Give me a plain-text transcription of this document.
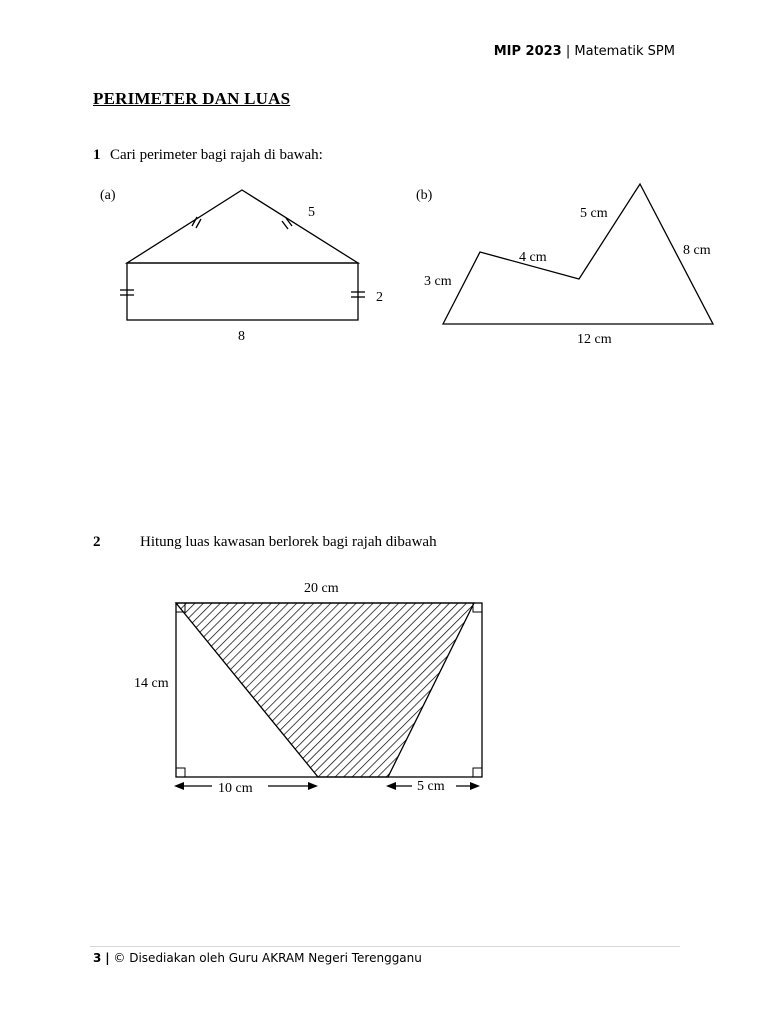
MIP 2023 | Matematik SPM
PERIMETER DAN LUAS
1 Cari perimeter bagi rajah di bawah:
(a)
5
2
8
(b)
3 cm
4 cm
5 cm
8 cm
12 cm
20 cm
14 cm
10 cm	5 cm
2	Hitung luas kawasan berlorek bagi rajah dibawah
3 | © Disediakan oleh Guru AKRAM Negeri Terengganu
